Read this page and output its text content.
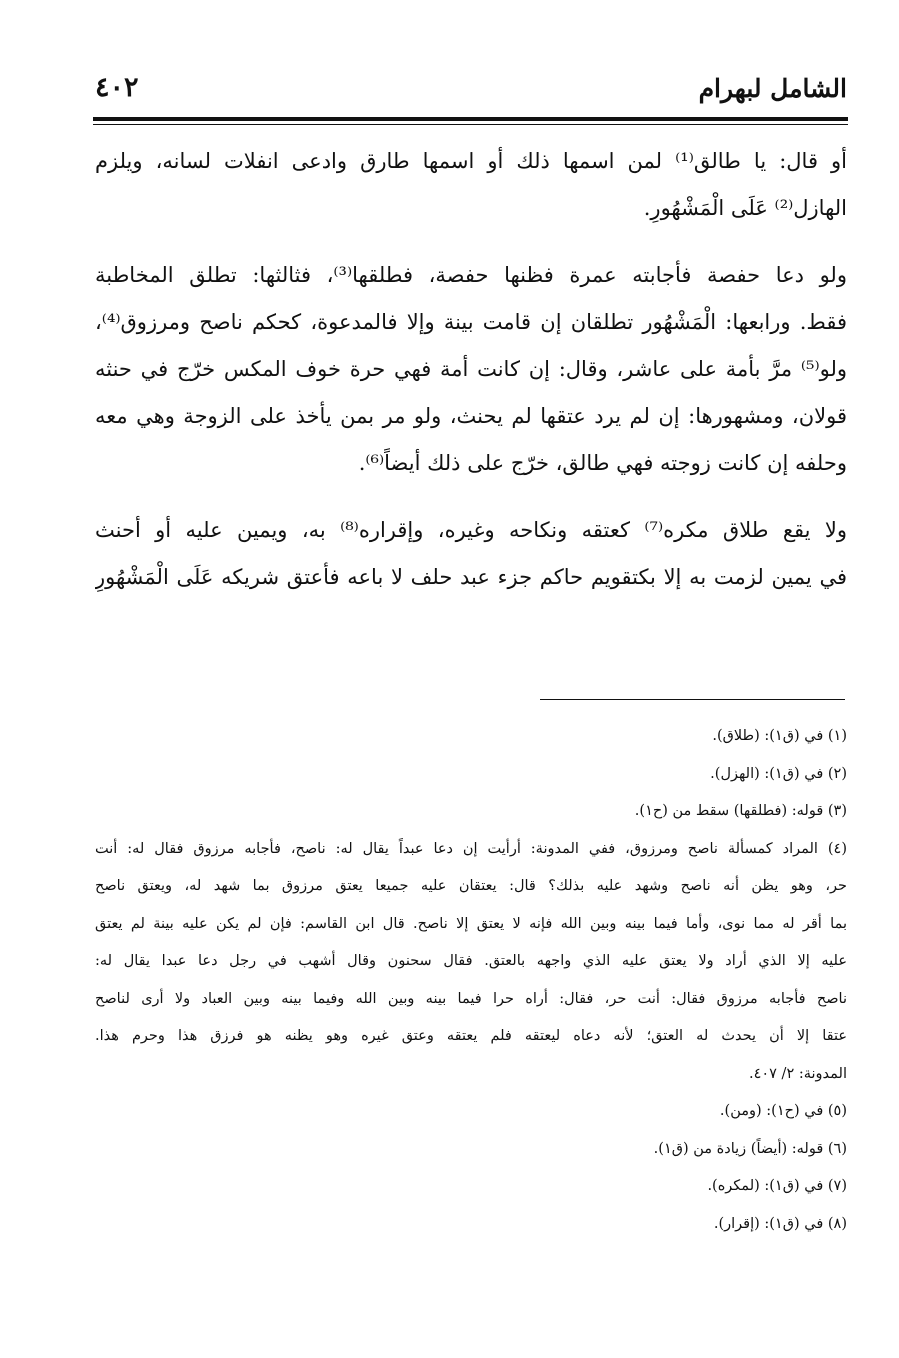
الشامل لبهرام
٤٠٢
أو قال: يا طالق⁽¹⁾ لمن اسمها ذلك أو اسمها طارق وادعى انفلات لسانه، ويلزم
الهازل⁽²⁾ عَلَى الْمَشْهُورِ.
ولو دعا حفصة فأجابته عمرة فظنها حفصة، فطلقها⁽³⁾، فثالثها: تطلق المخاطبة
فقط. ورابعها: الْمَشْهُور تطلقان إن قامت بينة وإلا فالمدعوة، كحكم ناصح ومرزوق⁽⁴⁾،
ولو⁽⁵⁾ مرَّ بأمة على عاشر، وقال: إن كانت أمة فهي حرة خوف المكس خرّج في حنثه
قولان، ومشهورها: إن لم يرد عتقها لم يحنث، ولو مر بمن يأخذ على الزوجة وهي معه
وحلفه إن كانت زوجته فهي طالق، خرّج على ذلك أيضاً⁽⁶⁾.
ولا يقع طلاق مكره⁽⁷⁾ كعتقه ونكاحه وغيره، وإقراره⁽⁸⁾ به، ويمين عليه أو أحنث
في يمين لزمت به إلا بكتقويم حاكم جزء عبد حلف لا باعه فأعتق شريكه عَلَى الْمَشْهُورِ
(١) في (ق١): (طلاق).
(٢) في (ق١): (الهزل).
(٣) قوله: (فطلقها) سقط من (ح١).
(٤) المراد كمسألة ناصح ومرزوق، ففي المدونة: أرأيت إن دعا عبداً يقال له: ناصح، فأجابه مرزوق فقال له: أنت
حر، وهو يظن أنه ناصح وشهد عليه بذلك؟ قال: يعتقان عليه جميعا يعتق مرزوق بما شهد له، ويعتق ناصح
بما أقر له مما نوى، وأما فيما بينه وبين الله فإنه لا يعتق إلا ناصح. قال ابن القاسم: فإن لم يكن عليه بينة لم يعتق
عليه إلا الذي أراد ولا يعتق عليه الذي واجهه بالعتق. فقال سحنون وقال أشهب في رجل دعا عبدا يقال له:
ناصح فأجابه مرزوق فقال: أنت حر، فقال: أراه حرا فيما بينه وبين الله وفيما بينه وبين العباد ولا أرى لناصح
عتقا إلا أن يحدث له العتق؛ لأنه دعاه ليعتقه فلم يعتقه وعتق غيره وهو يظنه هو فرزق هذا وحرم هذا.
المدونة: ٢/ ٤٠٧.
(٥) في (ح١): (ومن).
(٦) قوله: (أيضاً) زيادة من (ق١).
(٧) في (ق١): (لمكره).
(٨) في (ق١): (إقرار).
